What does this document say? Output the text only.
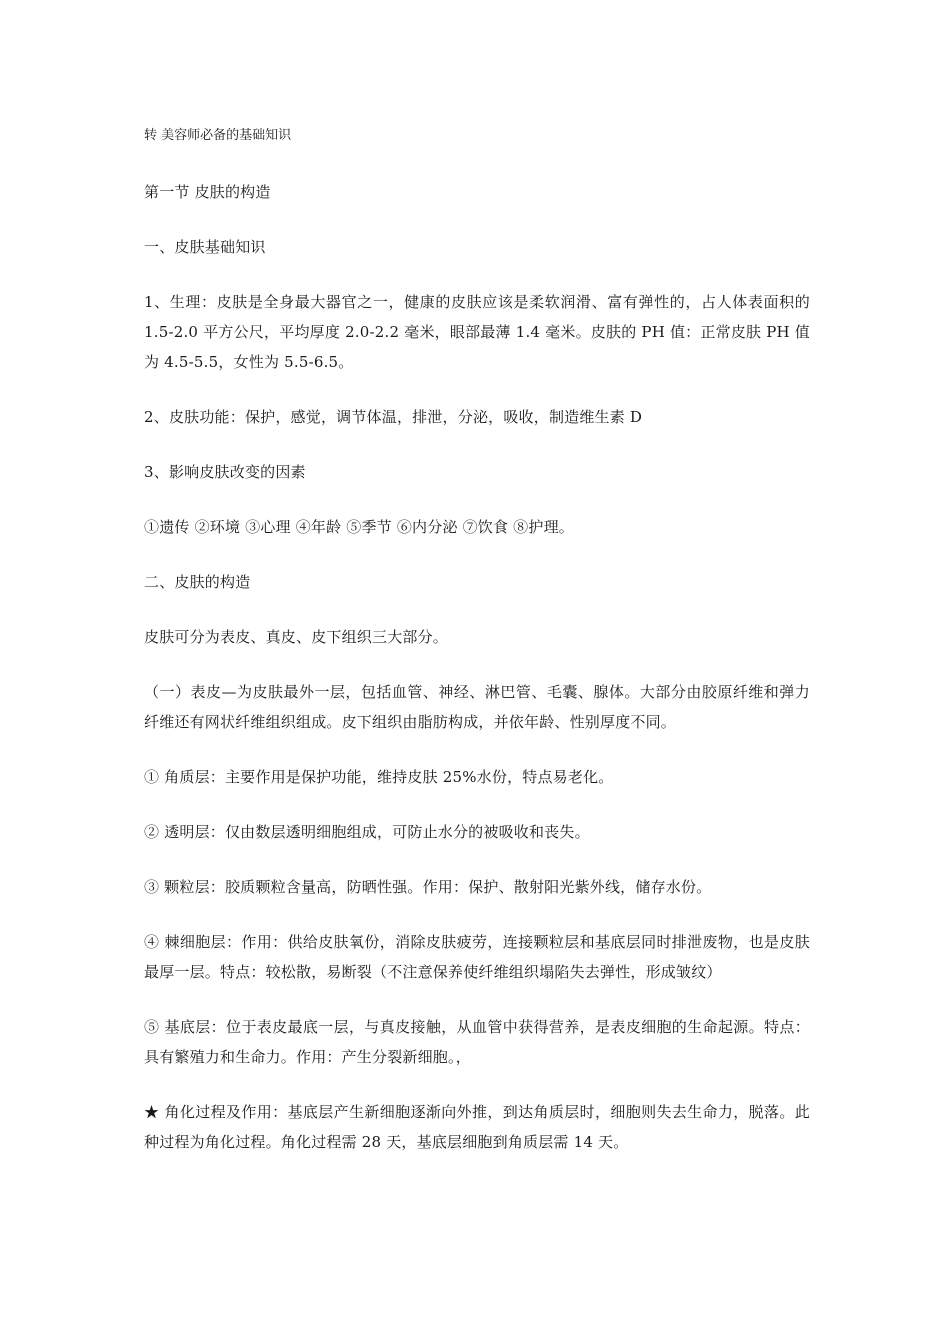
转 美容师必备的基础知识

第一节 皮肤的构造

一、皮肤基础知识

1、生理：皮肤是全身最大器官之一，健康的皮肤应该是柔软润滑、富有弹性的，占人体表面积的 1.5-2.0 平方公尺，平均厚度 2.0-2.2 毫米，眼部最薄 1.4 毫米。皮肤的 PH 值：正常皮肤 PH 值为 4.5-5.5，女性为 5.5-6.5。

2、皮肤功能：保护，感觉，调节体温，排泄，分泌，吸收，制造维生素 D

3、影响皮肤改变的因素

①遗传 ②环境 ③心理 ④年龄 ⑤季节 ⑥内分泌 ⑦饮食 ⑧护理。

二、皮肤的构造

皮肤可分为表皮、真皮、皮下组织三大部分。

（一）表皮—为皮肤最外一层，包括血管、神经、淋巴管、毛囊、腺体。大部分由胶原纤维和弹力纤维还有网状纤维组织组成。皮下组织由脂肪构成，并依年龄、性别厚度不同。

① 角质层：主要作用是保护功能，维持皮肤 25%水份，特点易老化。

② 透明层：仅由数层透明细胞组成，可防止水分的被吸收和丧失。

③ 颗粒层：胶质颗粒含量高，防晒性强。作用：保护、散射阳光紫外线，储存水份。

④ 棘细胞层：作用：供给皮肤氧份，消除皮肤疲劳，连接颗粒层和基底层同时排泄废物，也是皮肤最厚一层。特点：较松散，易断裂（不注意保养使纤维组织塌陷失去弹性，形成皱纹）

⑤ 基底层：位于表皮最底一层，与真皮接触，从血管中获得营养，是表皮细胞的生命起源。特点：具有繁殖力和生命力。作用：产生分裂新细胞。，

★ 角化过程及作用：基底层产生新细胞逐渐向外推，到达角质层时，细胞则失去生命力，脱落。此种过程为角化过程。角化过程需 28 天，基底层细胞到角质层需 14 天。
